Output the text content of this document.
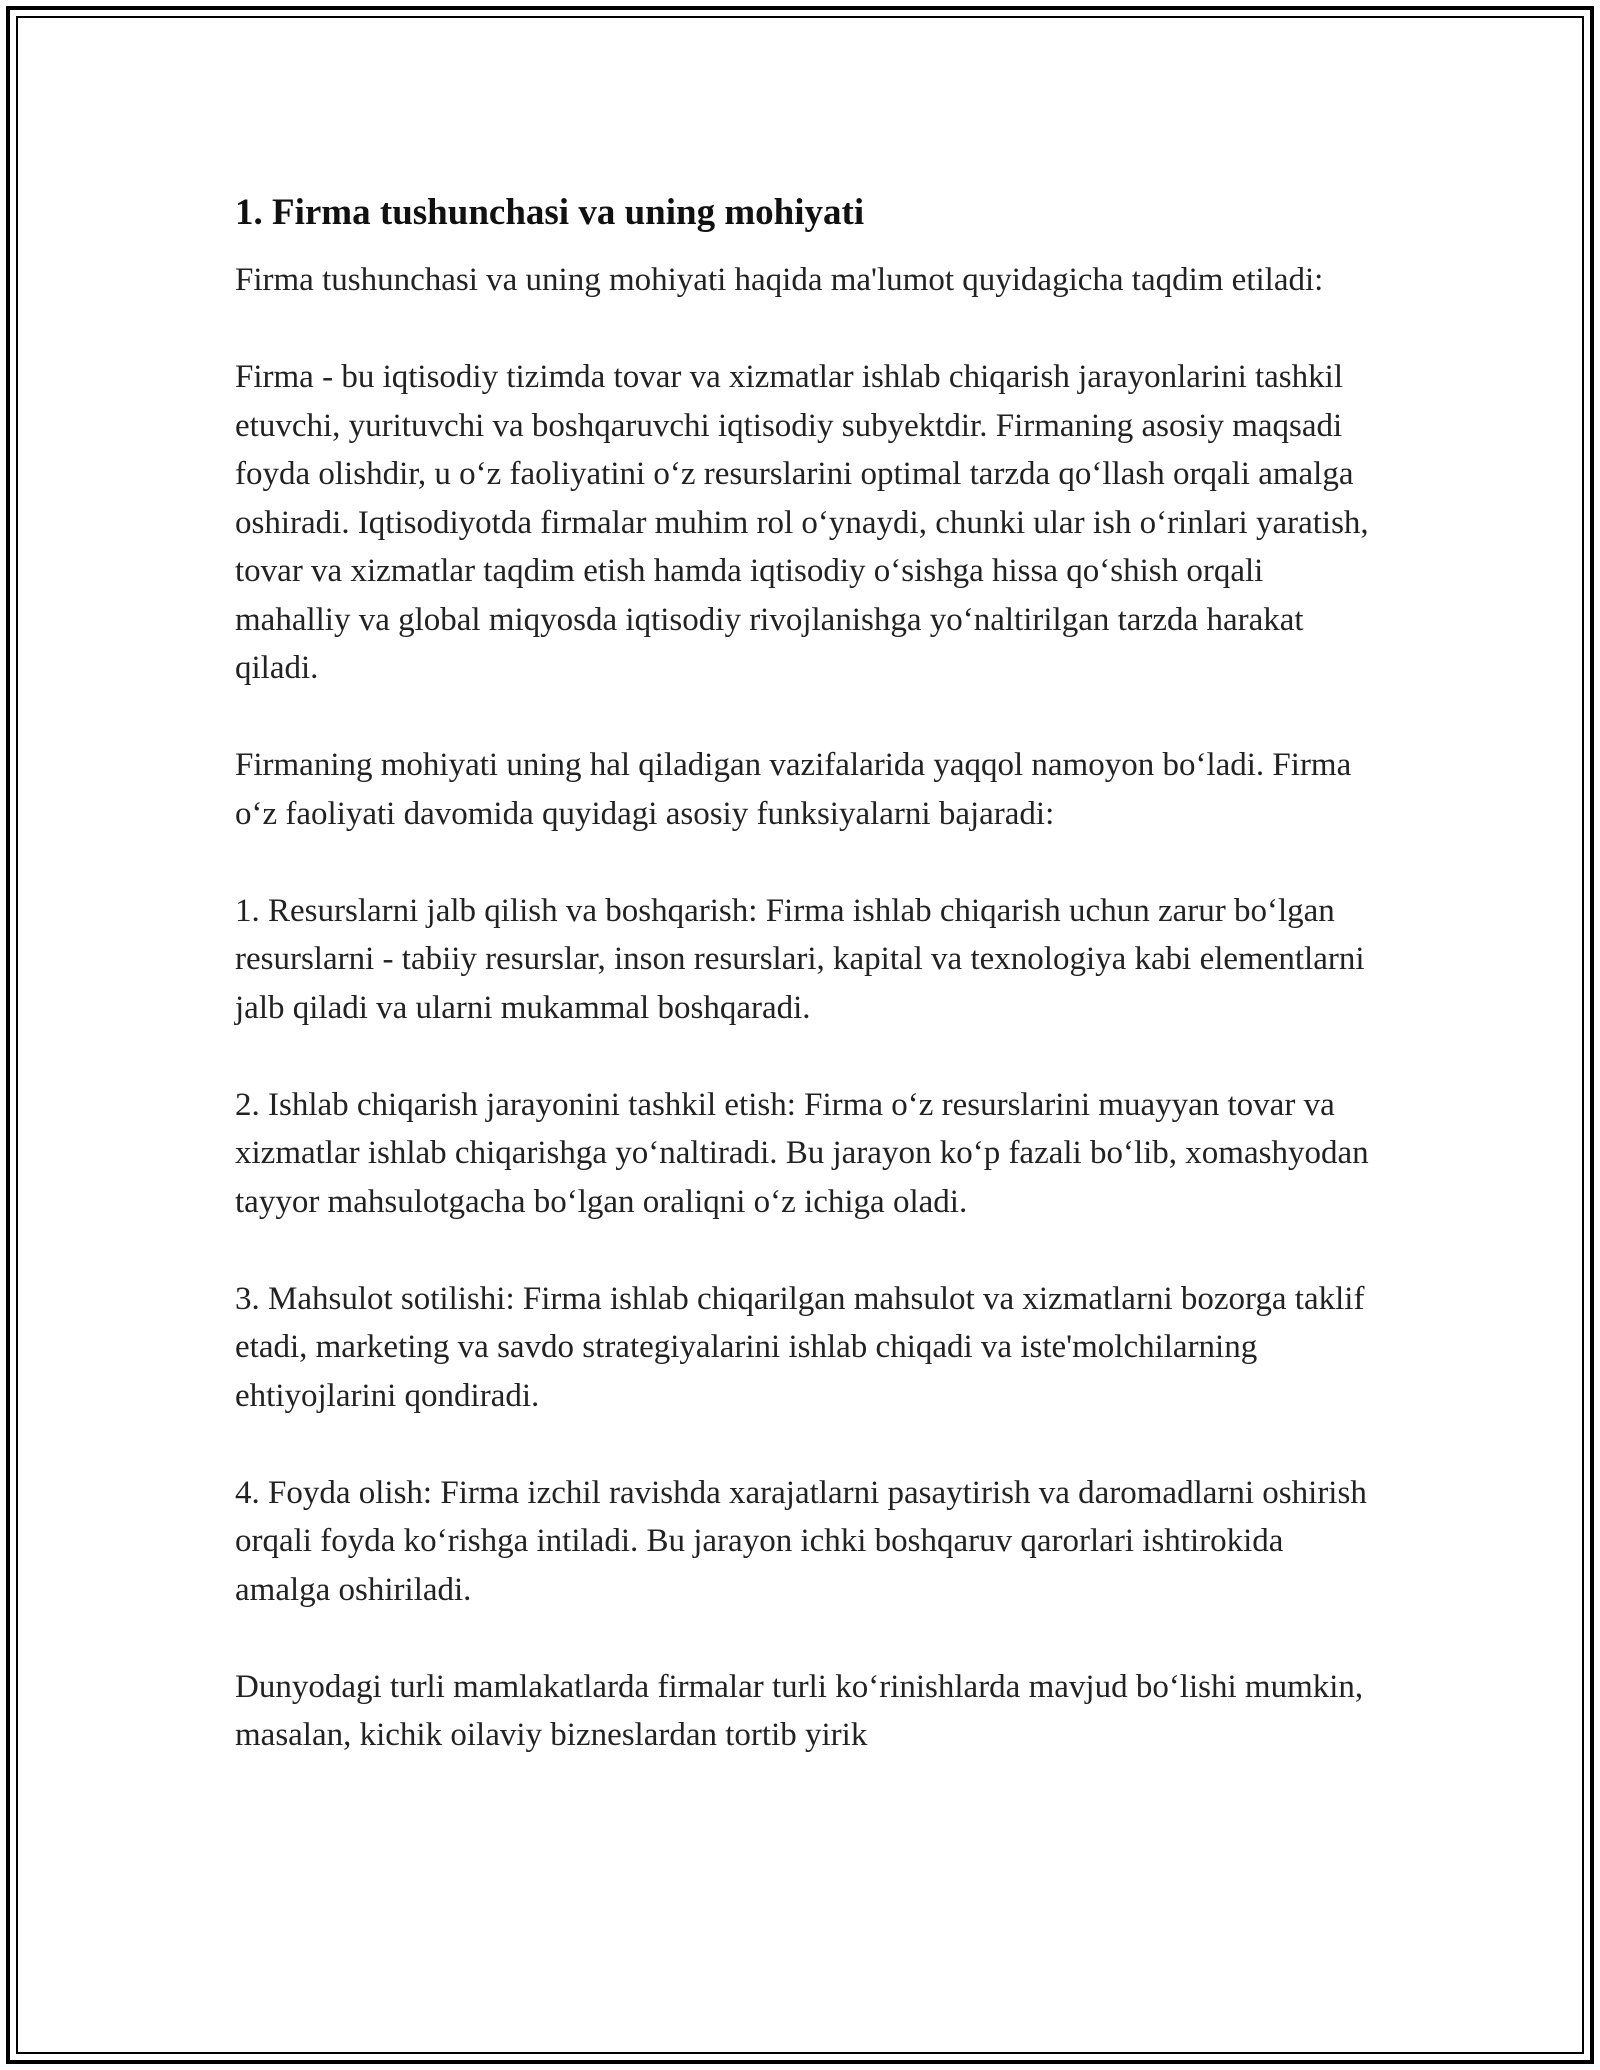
1. Firma tushunchasi va uning mohiyati

Firma tushunchasi va uning mohiyati haqida ma'lumot quyidagicha taqdim etiladi:

Firma - bu iqtisodiy tizimda tovar va xizmatlar ishlab chiqarish jarayonlarini tashkil etuvchi, yurituvchi va boshqaruvchi iqtisodiy subyektdir. Firmaning asosiy maqsadi foyda olishdir, u o‘z faoliyatini o‘z resurslarini optimal tarzda qo‘llash orqali amalga oshiradi. Iqtisodiyotda firmalar muhim rol o‘ynaydi, chunki ular ish o‘rinlari yaratish, tovar va xizmatlar taqdim etish hamda iqtisodiy o‘sishga hissa qo‘shish orqali mahalliy va global miqyosda iqtisodiy rivojlanishga yo‘naltirilgan tarzda harakat qiladi.

Firmaning mohiyati uning hal qiladigan vazifalarida yaqqol namoyon bo‘ladi. Firma o‘z faoliyati davomida quyidagi asosiy funksiyalarni bajaradi:

1. Resurslarni jalb qilish va boshqarish: Firma ishlab chiqarish uchun zarur bo‘lgan resurslarni - tabiiy resurslar, inson resurslari, kapital va texnologiya kabi elementlarni jalb qiladi va ularni mukammal boshqaradi.

2. Ishlab chiqarish jarayonini tashkil etish: Firma o‘z resurslarini muayyan tovar va xizmatlar ishlab chiqarishga yo‘naltiradi. Bu jarayon ko‘p fazali bo‘lib, xomashyodan tayyor mahsulotgacha bo‘lgan oraliqni o‘z ichiga oladi.

3. Mahsulot sotilishi: Firma ishlab chiqarilgan mahsulot va xizmatlarni bozorga taklif etadi, marketing va savdo strategiyalarini ishlab chiqadi va iste'molchilarning ehtiyojlarini qondiradi.

4. Foyda olish: Firma izchil ravishda xarajatlarni pasaytirish va daromadlarni oshirish orqali foyda ko‘rishga intiladi. Bu jarayon ichki boshqaruv qarorlari ishtirokida amalga oshiriladi.

Dunyodagi turli mamlakatlarda firmalar turli ko‘rinishlarda mavjud bo‘lishi mumkin, masalan, kichik oilaviy bizneslardan tortib yirik
